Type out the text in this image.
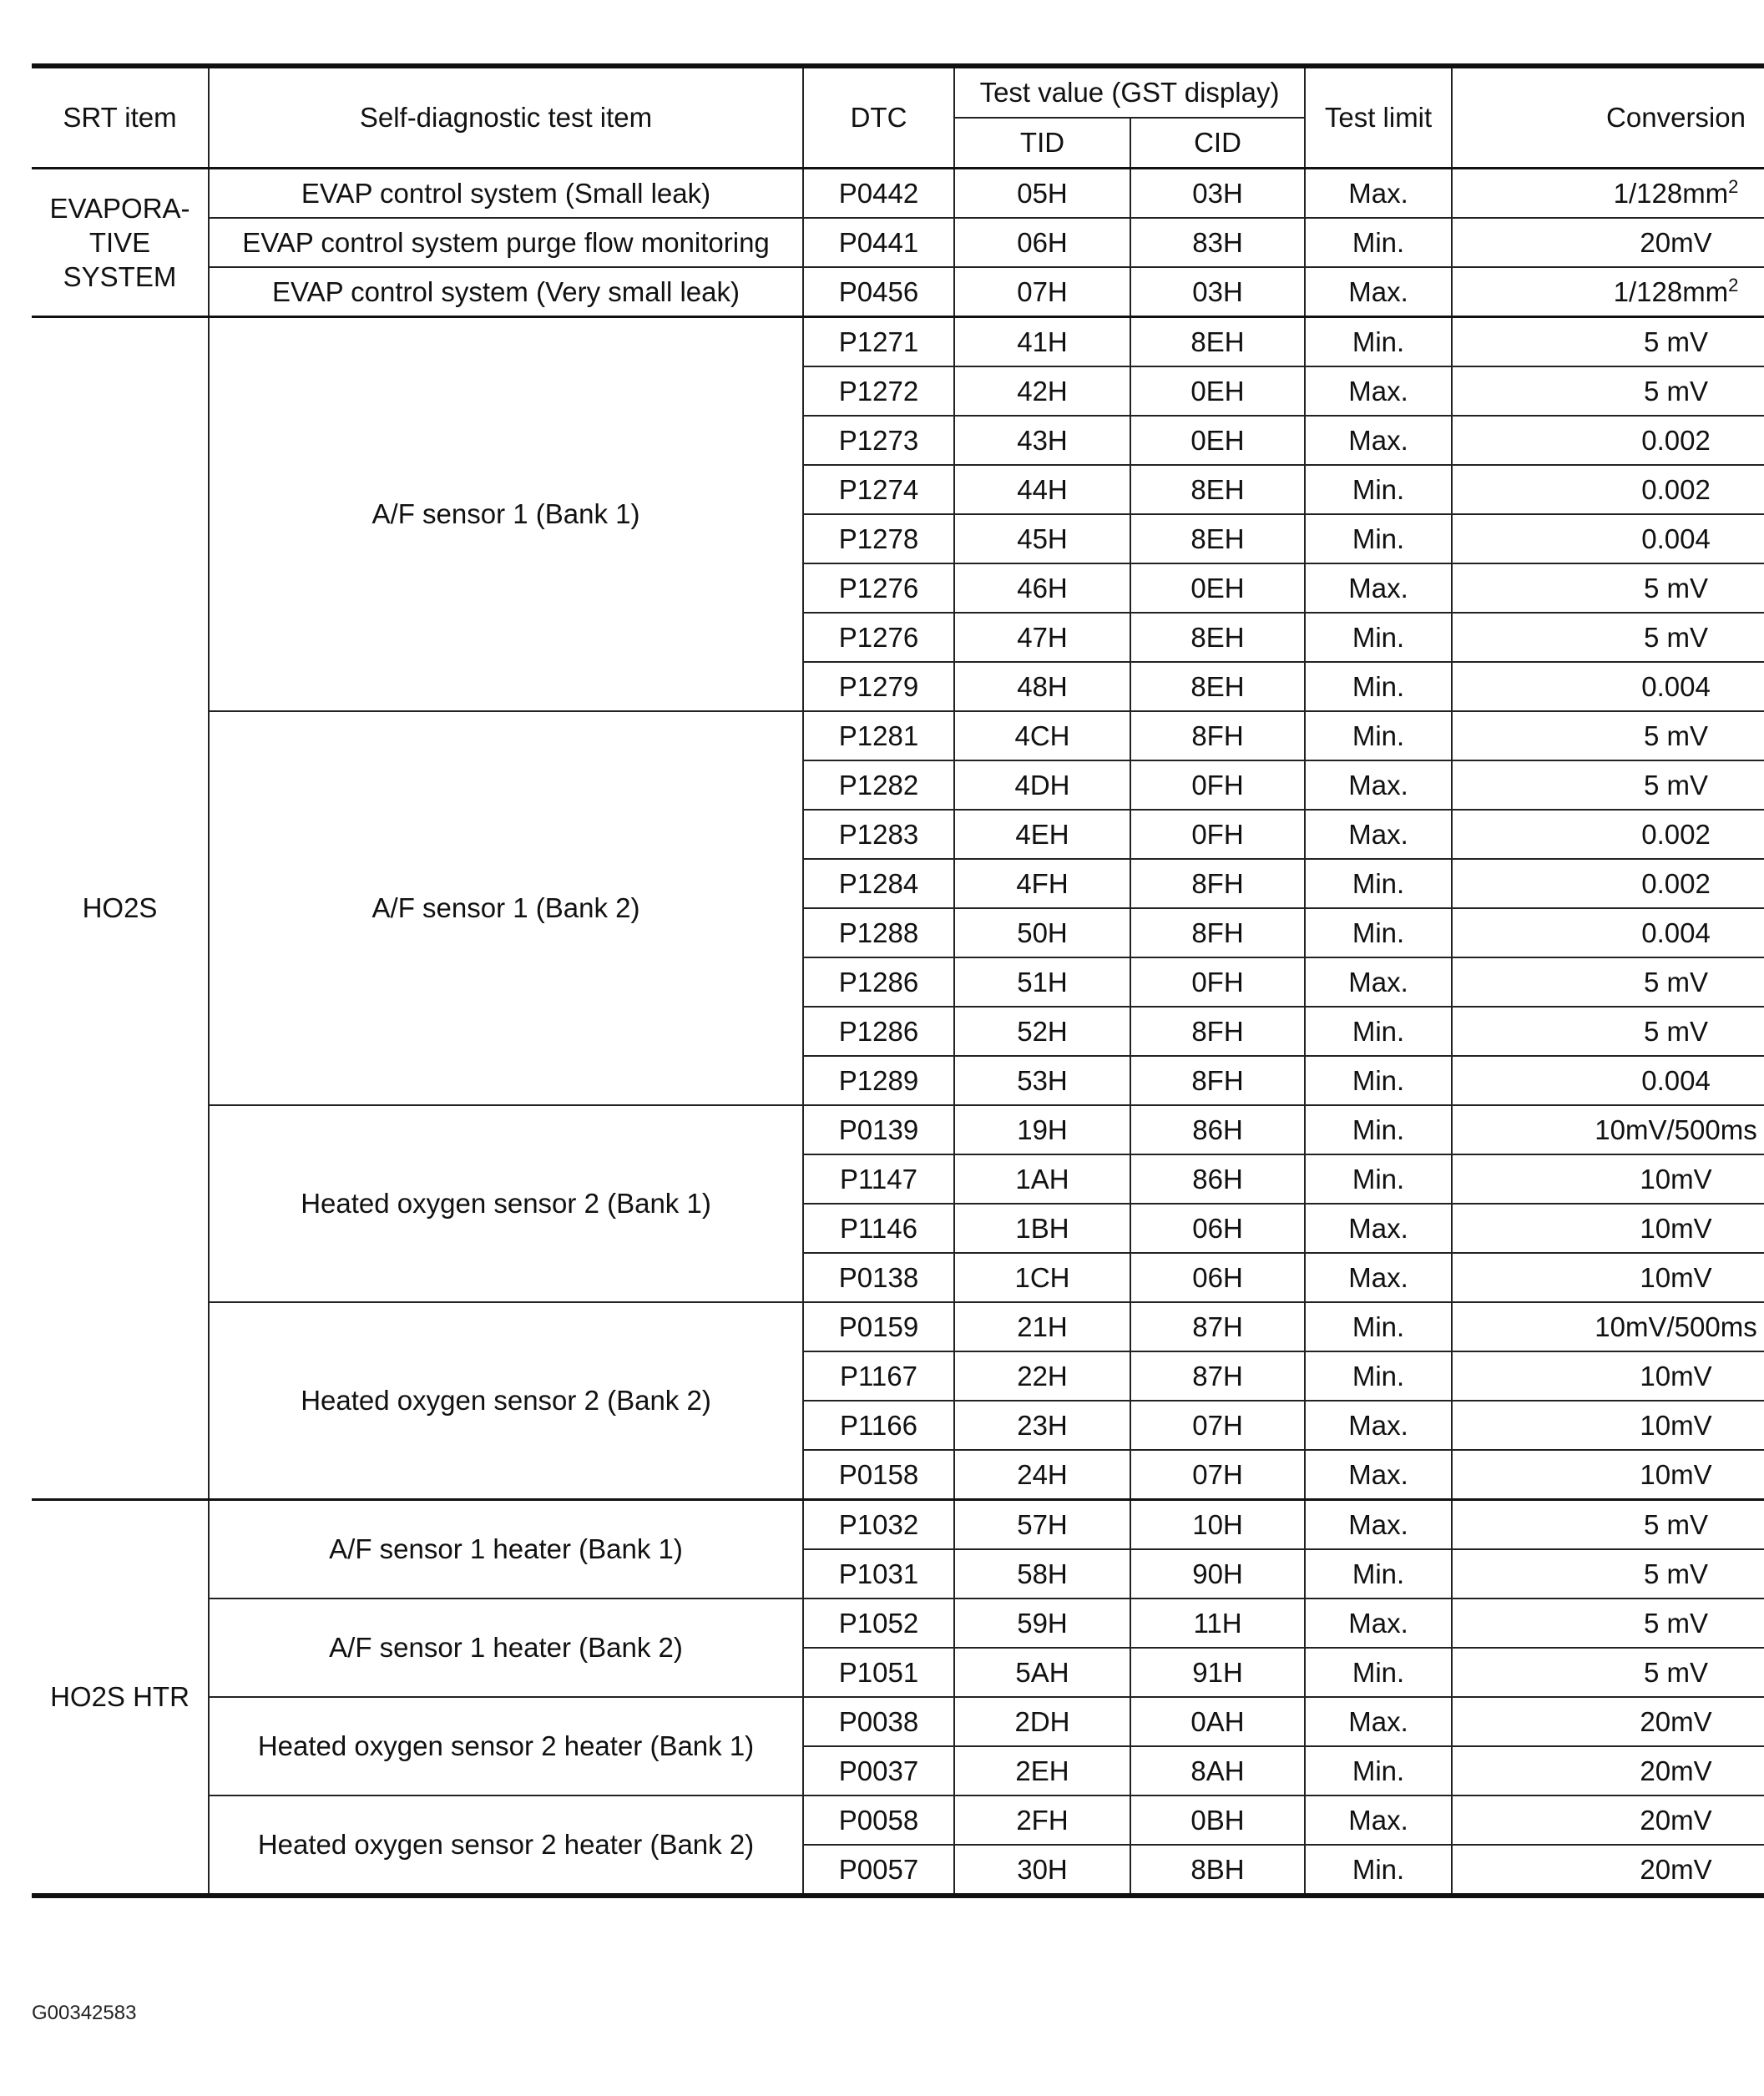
SRT item	Self-diagnostic test item	DTC	Test value (GST display)		Test limit	Conversion
			TID	CID		
EVAPORA-
TIVE
SYSTEM	EVAP control system (Small leak)	P0442	05H	03H	Max.	$1/128mm^2$
	EVAP control system purge flow monitoring	P0441	06H	83H	Min.	20mV
	EVAP control system (Very small leak)	P0456	07H	03H	Max.	$1/128mm^2$
HO2S	A/F sensor 1 (Bank 1)	P1271	41H	8EH	Min.	5 mV
		P1272	42H	0EH	Max.	5 mV
		P1273	43H	0EH	Max.	0.002
		P1274	44H	8EH	Min.	0.002
		P1278	45H	8EH	Min.	0.004
		P1276	46H	0EH	Max.	5 mV
		P1276	47H	8EH	Min.	5 mV
		P1279	48H	8EH	Min.	0.004
	A/F sensor 1 (Bank 2)	P1281	4CH	8FH	Min.	5 mV
		P1282	4DH	0FH	Max.	5 mV
		P1283	4EH	0FH	Max.	0.002
		P1284	4FH	8FH	Min.	0.002
		P1288	50H	8FH	Min.	0.004
		P1286	51H	0FH	Max.	5 mV
		P1286	52H	8FH	Min.	5 mV
		P1289	53H	8FH	Min.	0.004
	Heated oxygen sensor 2 (Bank 1)	P0139	19H	86H	Min.	10mV/500ms
		P1147	1AH	86H	Min.	10mV
		P1146	1BH	06H	Max.	10mV
		P0138	1CH	06H	Max.	10mV
	Heated oxygen sensor 2 (Bank 2)	P0159	21H	87H	Min.	10mV/500ms
		P1167	22H	87H	Min.	10mV
		P1166	23H	07H	Max.	10mV
		P0158	24H	07H	Max.	10mV
HO2S HTR	A/F sensor 1 heater (Bank 1)	P1032	57H	10H	Max.	5 mV
		P1031	58H	90H	Min.	5 mV
	A/F sensor 1 heater (Bank 2)	P1052	59H	11H	Max.	5 mV
		P1051	5AH	91H	Min.	5 mV
	Heated oxygen sensor 2 heater (Bank 1)	P0038	2DH	0AH	Max.	20mV
		P0037	2EH	8AH	Min.	20mV
	Heated oxygen sensor 2 heater (Bank 2)	P0058	2FH	0BH	Max.	20mV
		P0057	30H	8BH	Min.	20mV
G00342583
